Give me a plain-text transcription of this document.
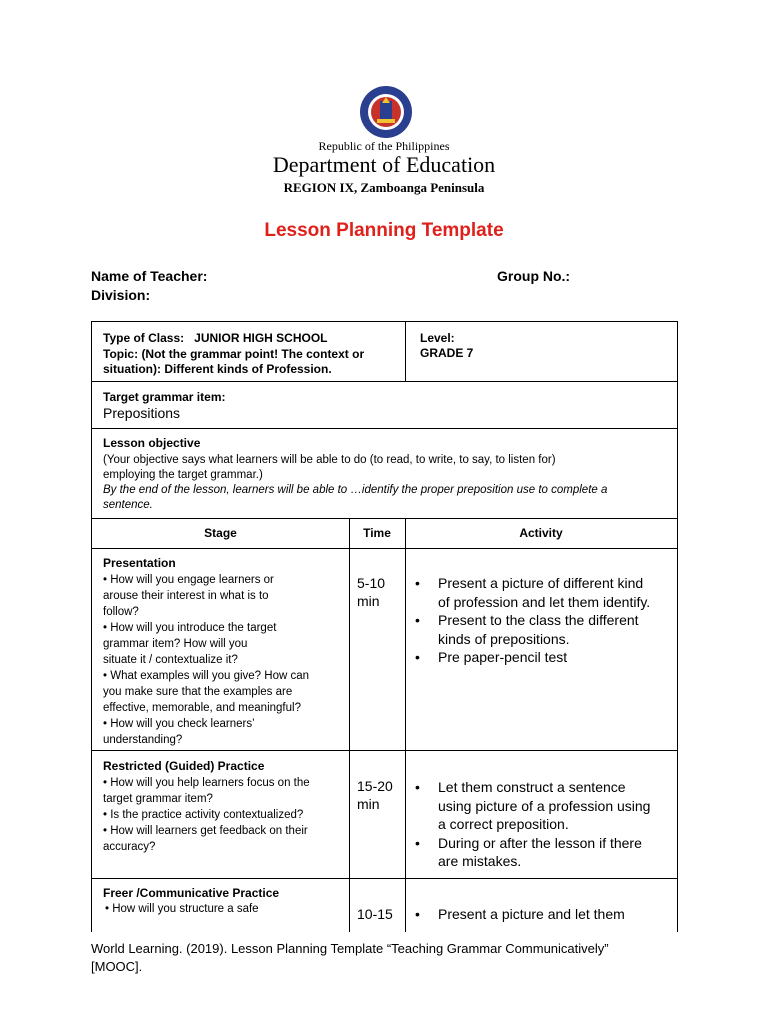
Republic of the Philippines
Department of Education
REGION IX, Zamboanga Peninsula
Lesson Planning Template
Name of Teacher:	Group No.:
Division:
Type of Class: JUNIOR HIGH SCHOOL
Topic: (Not the grammar point! The context or
situation): Different kinds of Profession.
Level:
GRADE 7
Target grammar item:
Prepositions
Lesson objective
(Your objective says what learners will be able to do (to read, to write, to say, to listen for)
employing the target grammar.)
By the end of the lesson, learners will be able to …identify the proper preposition use to complete a
sentence.
Stage	Time	Activity
Presentation
• How will you engage learners or
arouse their interest in what is to
follow?
• How will you introduce the target
grammar item? How will you
situate it / contextualize it?
• What examples will you give? How can
you make sure that the examples are
effective, memorable, and meaningful?
• How will you check learners’
understanding?
5-10
min
• Present a picture of different kind
of profession and let them identify.
• Present to the class the different
kinds of prepositions.
• Pre paper-pencil test
Restricted (Guided) Practice
• How will you help learners focus on the
target grammar item?
• Is the practice activity contextualized?
• How will learners get feedback on their
accuracy?
15-20
min
• Let them construct a sentence
using picture of a profession using
a correct preposition.
• During or after the lesson if there
are mistakes.
Freer /Communicative Practice
• How will you structure a safe	10-15
•	Present a picture and let them
World Learning. (2019). Lesson Planning Template “Teaching Grammar Communicatively”
[MOOC].
